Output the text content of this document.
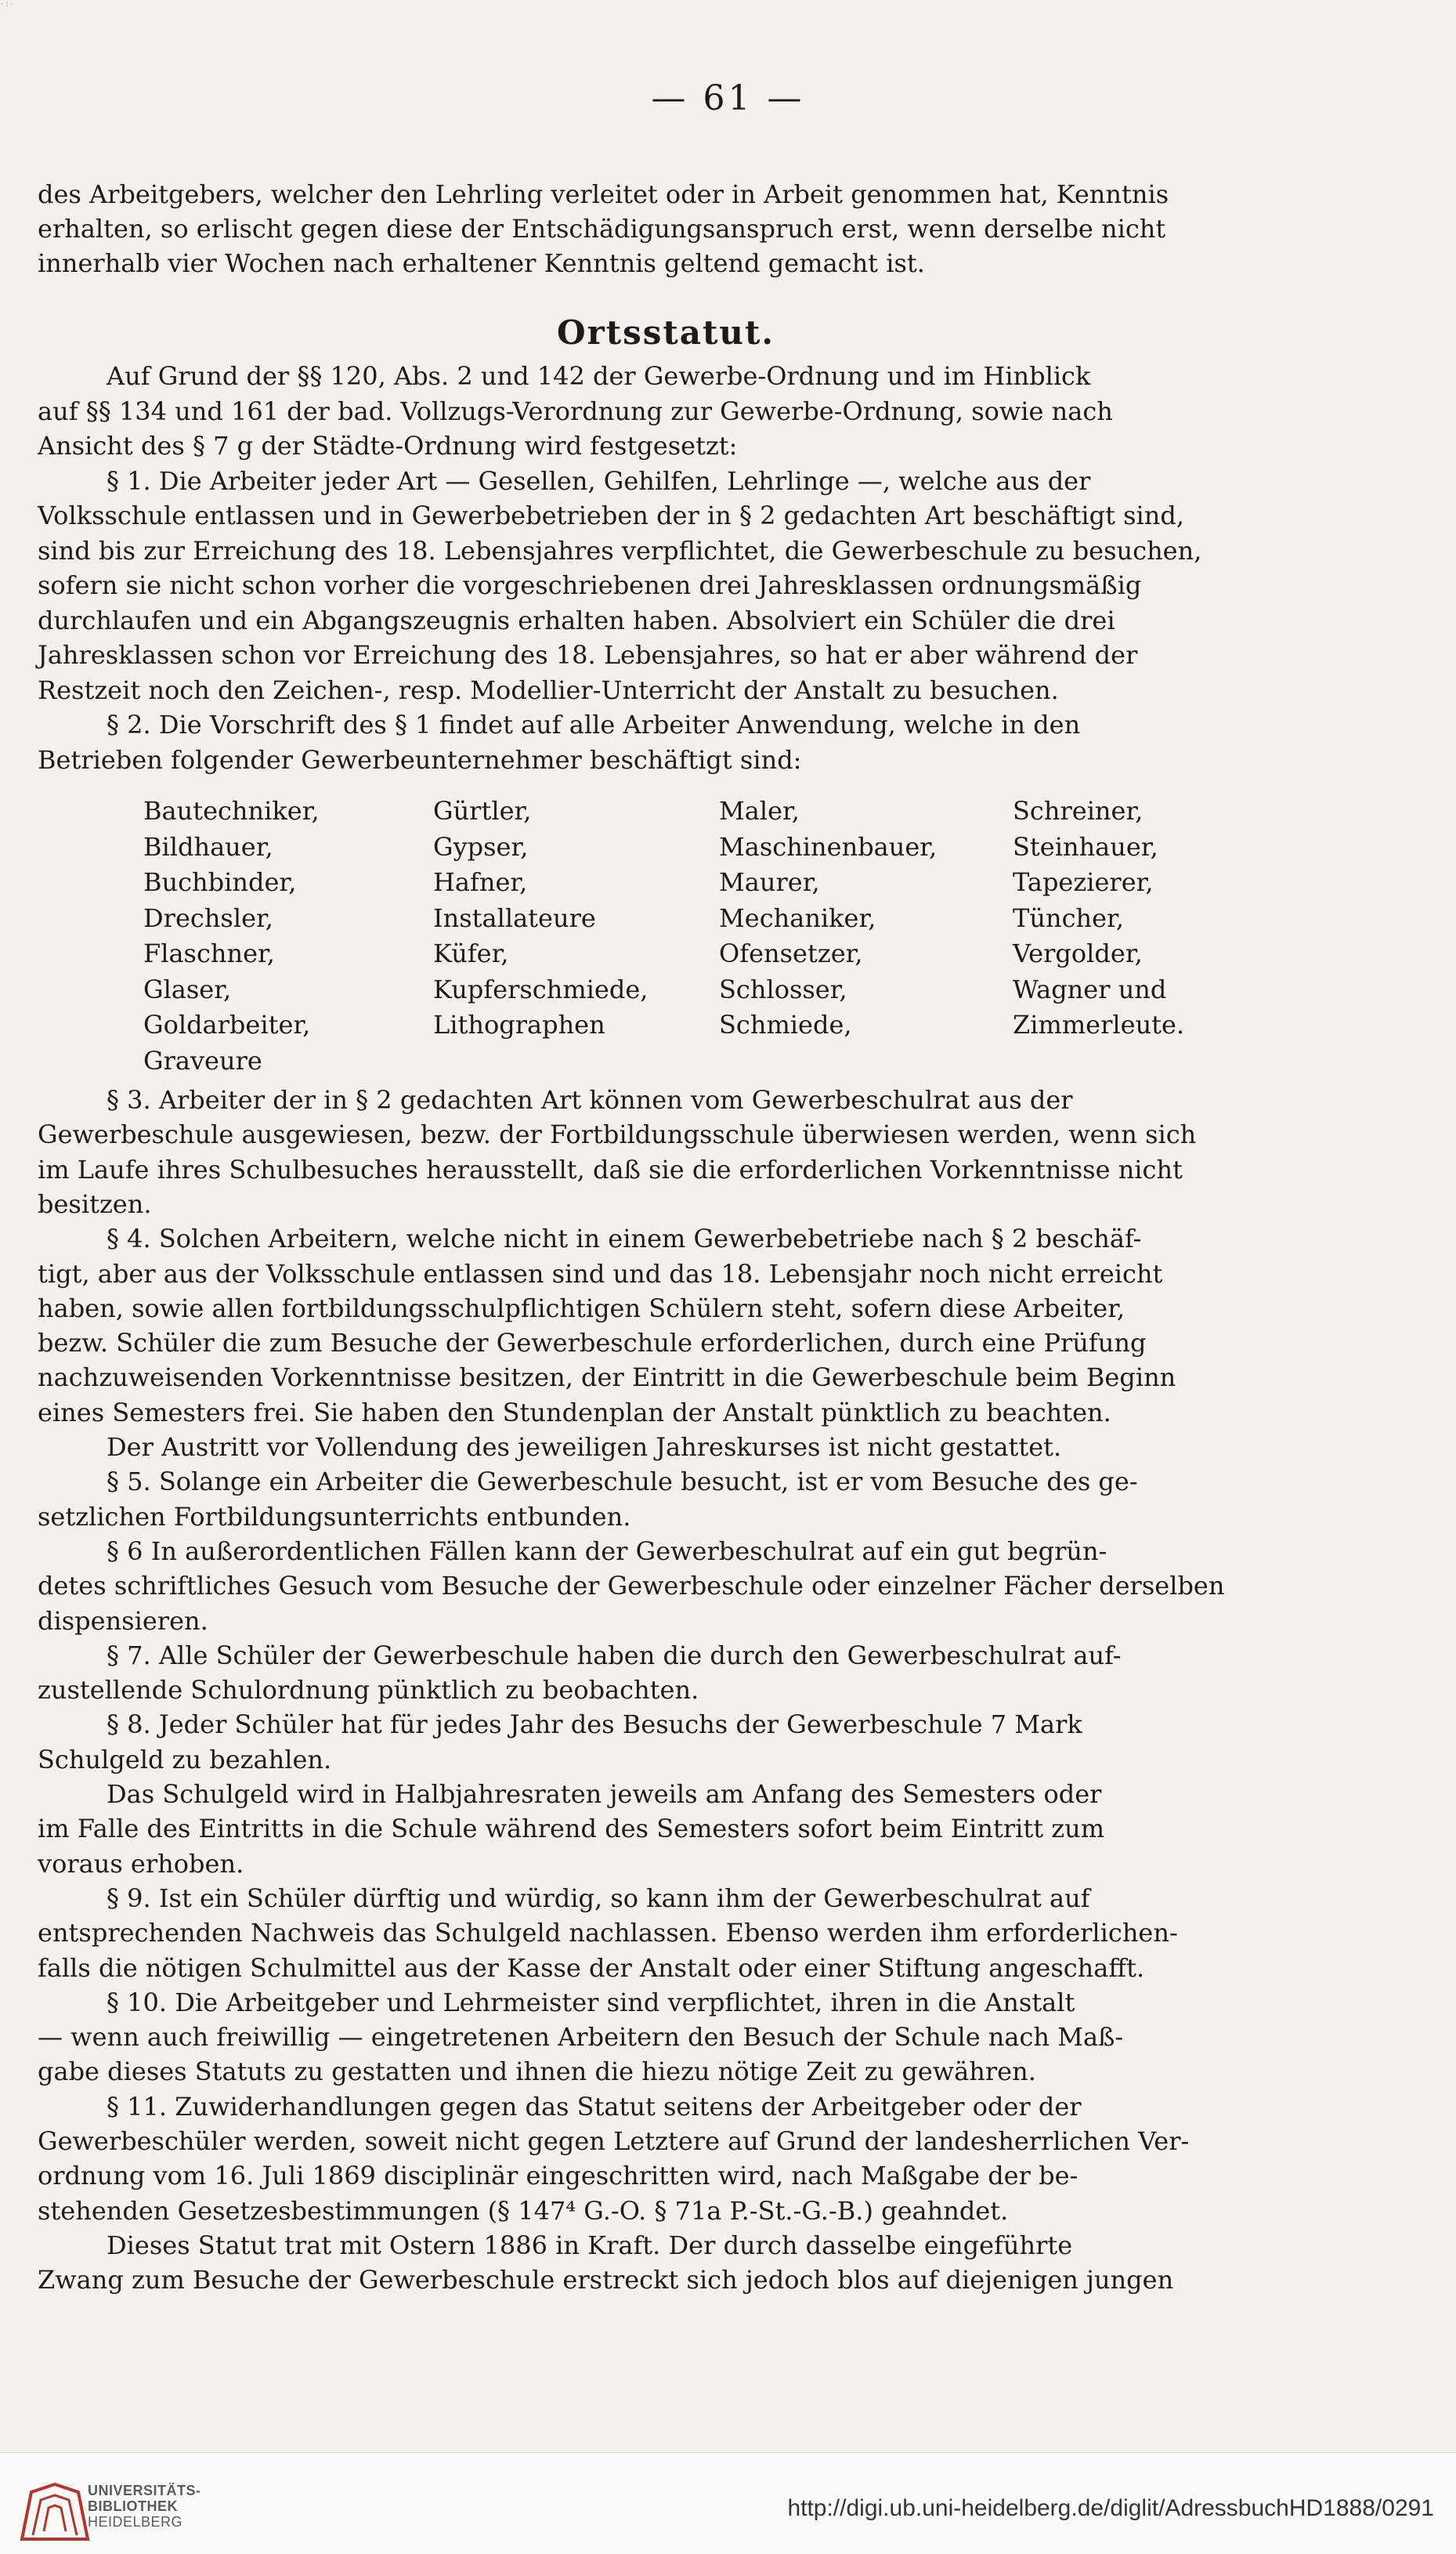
·:·
— 61 —
des Arbeitgebers, welcher den Lehrling verleitet oder in Arbeit genommen hat, Kenntnis
erhalten, so erlischt gegen diese der Entschädigungsanspruch erst, wenn derselbe nicht
innerhalb vier Wochen nach erhaltener Kenntnis geltend gemacht ist.
Ortsstatut.
Auf Grund der §§ 120, Abs. 2 und 142 der Gewerbe-Ordnung und im Hinblick
auf §§ 134 und 161 der bad. Vollzugs-Verordnung zur Gewerbe-Ordnung, sowie nach
Ansicht des § 7 g der Städte-Ordnung wird festgesetzt:
§ 1. Die Arbeiter jeder Art — Gesellen, Gehilfen, Lehrlinge —, welche aus der
Volksschule entlassen und in Gewerbebetrieben der in § 2 gedachten Art beschäftigt sind,
sind bis zur Erreichung des 18. Lebensjahres verpflichtet, die Gewerbeschule zu besuchen,
sofern sie nicht schon vorher die vorgeschriebenen drei Jahresklassen ordnungsmäßig
durchlaufen und ein Abgangszeugnis erhalten haben. Absolviert ein Schüler die drei
Jahresklassen schon vor Erreichung des 18. Lebensjahres, so hat er aber während der
Restzeit noch den Zeichen-, resp. Modellier-Unterricht der Anstalt zu besuchen.
§ 2. Die Vorschrift des § 1 findet auf alle Arbeiter Anwendung, welche in den
Betrieben folgender Gewerbeunternehmer beschäftigt sind:
Bautechniker,	Gürtler,	Maler,	Schreiner,
Bildhauer,	Gypser,	Maschinenbauer,	Steinhauer,
Buchbinder,	Hafner,	Maurer,	Tapezierer,
Drechsler,	Installateure	Mechaniker,	Tüncher,
Flaschner,	Küfer,	Ofensetzer,	Vergolder,
Glaser,	Kupferschmiede,	Schlosser,	Wagner und
Goldarbeiter,	Lithographen	Schmiede,	Zimmerleute.
Graveure
§ 3. Arbeiter der in § 2 gedachten Art können vom Gewerbeschulrat aus der
Gewerbeschule ausgewiesen, bezw. der Fortbildungsschule überwiesen werden, wenn sich
im Laufe ihres Schulbesuches herausstellt, daß sie die erforderlichen Vorkenntnisse nicht
besitzen.
§ 4. Solchen Arbeitern, welche nicht in einem Gewerbebetriebe nach § 2 beschäf-
tigt, aber aus der Volksschule entlassen sind und das 18. Lebensjahr noch nicht erreicht
haben, sowie allen fortbildungsschulpflichtigen Schülern steht, sofern diese Arbeiter,
bezw. Schüler die zum Besuche der Gewerbeschule erforderlichen, durch eine Prüfung
nachzuweisenden Vorkenntnisse besitzen, der Eintritt in die Gewerbeschule beim Beginn
eines Semesters frei. Sie haben den Stundenplan der Anstalt pünktlich zu beachten.
Der Austritt vor Vollendung des jeweiligen Jahreskurses ist nicht gestattet.
§ 5. Solange ein Arbeiter die Gewerbeschule besucht, ist er vom Besuche des ge-
setzlichen Fortbildungsunterrichts entbunden.
§ 6 In außerordentlichen Fällen kann der Gewerbeschulrat auf ein gut begrün-
detes schriftliches Gesuch vom Besuche der Gewerbeschule oder einzelner Fächer derselben
dispensieren.
§ 7. Alle Schüler der Gewerbeschule haben die durch den Gewerbeschulrat auf-
zustellende Schulordnung pünktlich zu beobachten.
§ 8. Jeder Schüler hat für jedes Jahr des Besuchs der Gewerbeschule 7 Mark
Schulgeld zu bezahlen.
Das Schulgeld wird in Halbjahresraten jeweils am Anfang des Semesters oder
im Falle des Eintritts in die Schule während des Semesters sofort beim Eintritt zum
voraus erhoben.
§ 9. Ist ein Schüler dürftig und würdig, so kann ihm der Gewerbeschulrat auf
entsprechenden Nachweis das Schulgeld nachlassen. Ebenso werden ihm erforderlichen-
falls die nötigen Schulmittel aus der Kasse der Anstalt oder einer Stiftung angeschafft.
§ 10. Die Arbeitgeber und Lehrmeister sind verpflichtet, ihren in die Anstalt
— wenn auch freiwillig — eingetretenen Arbeitern den Besuch der Schule nach Maß-
gabe dieses Statuts zu gestatten und ihnen die hiezu nötige Zeit zu gewähren.
§ 11. Zuwiderhandlungen gegen das Statut seitens der Arbeitgeber oder der
Gewerbeschüler werden, soweit nicht gegen Letztere auf Grund der landesherrlichen Ver-
ordnung vom 16. Juli 1869 disciplinär eingeschritten wird, nach Maßgabe der be-
stehenden Gesetzesbestimmungen (§ 147⁴ G.-O. § 71a P.-St.-G.-B.) geahndet.
Dieses Statut trat mit Ostern 1886 in Kraft. Der durch dasselbe eingeführte
Zwang zum Besuche der Gewerbeschule erstreckt sich jedoch blos auf diejenigen jungen
UNIVERSITÄTS-
BIBLIOTHEK
HEIDELBERG
http://digi.ub.uni-heidelberg.de/diglit/AdressbuchHD1888/0291
